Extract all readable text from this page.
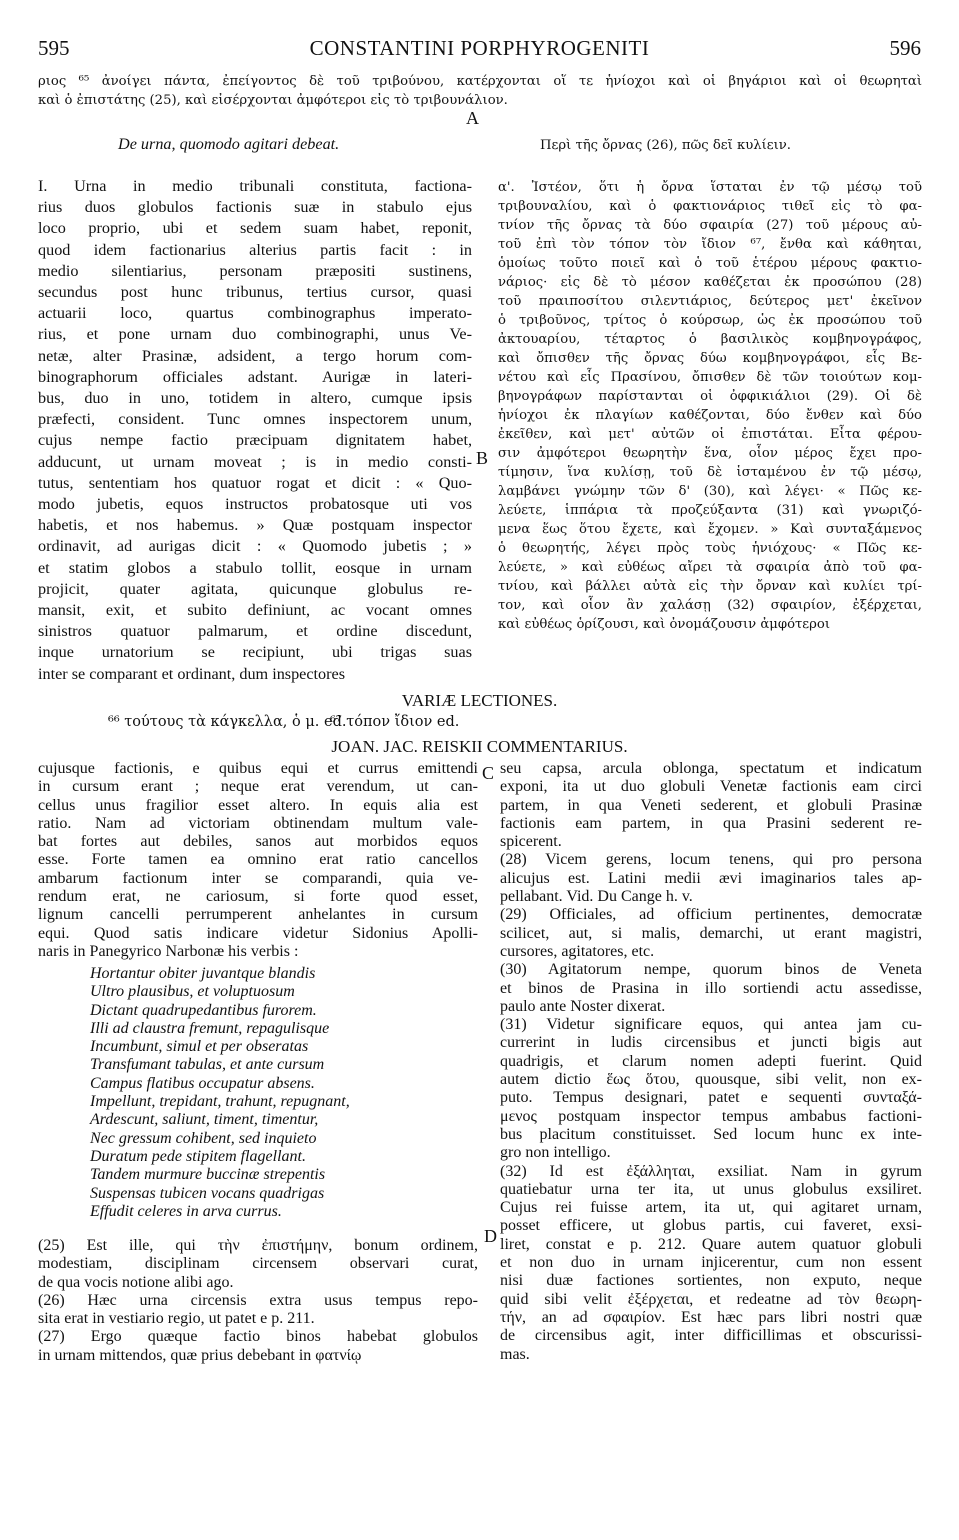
595	CONSTANTINI PORPHYROGENITI	596
ριος ⁶⁵ ἀνοίγει πάντα, ἐπείγοντος δὲ τοῦ τριβούνου, κατέρχονται οἵ τε ἡνίοχοι καὶ οἱ βηγάριοι καὶ οἱ θεωρηταὶ
καὶ ὁ ἐπιστάτης (25), καὶ εἰσέρχονται ἀμφότεροι εἰς τὸ τριβουνάλιον.
A
De urna, quomodo agitari debeat.	Περὶ τῆς ὄρνας (26), πῶς δεῖ κυλίειν.
I. Urna in medio tribunali constituta, factiona-
rius duos globulos factionis suæ in stabulo ejus
loco proprio, ubi et sedem suam habet, reponit,
quod idem factionarius alterius partis facit : in
medio silentiarius, personam præpositi sustinens,
secundus post hunc tribunus, tertius cursor, quasi
actuarii loco, quartus combinographus imperato-
rius, et pone urnam duo combinographi, unus Ve-
netæ, alter Prasinæ, adsident, a tergo horum com-
binographorum officiales adstant. Aurigæ in lateri-
bus, duo in uno, totidem in altero, cumque ipsis
præfecti, consident. Tunc omnes inspectorem unum,
cujus nempe factio præcipuam dignitatem habet,
adducunt, ut urnam moveat ; is in medio consti-
tutus, sententiam hos quatuor rogat et dicit : « Quo-
modo jubetis, equos instructos probatosque uti vos
habetis, et nos habemus. » Quæ postquam inspector
ordinavit, ad aurigas dicit : « Quomodo jubetis ; »
et statim globos a stabulo tollit, eosque in urnam
projicit, quater agitata, quicunque globulus re-
mansit, exit, et subito definiunt, ac vocant omnes
sinistros quatuor palmarum, et ordine discedunt,
inque urnatorium se recipiunt, ubi trigas suas
inter se comparant et ordinant, dum inspectores
α'. Ἰστέον, ὅτι ἡ ὄρνα ἵσταται ἐν τῷ μέσῳ τοῦ
τριβουναλίου, καὶ ὁ φακτιονάριος τιθεῖ εἰς τὸ φα-
τνίον τῆς ὄρνας τὰ δύο σφαιρία (27) τοῦ μέρους αὐ-
τοῦ ἐπὶ τὸν τόπον τὸν ἴδιον ⁶⁷, ἔνθα καὶ κάθηται,
ὁμοίως τοῦτο ποιεῖ καὶ ὁ τοῦ ἑτέρου μέρους φακτιο-
νάριος· εἰς δὲ τὸ μέσον καθέζεται ἐκ προσώπου (28)
τοῦ πραιποσίτου σιλεντιάριος, δεύτερος μετ' ἐκεῖνον
ὁ τριβοῦνος, τρίτος ὁ κούρσωρ, ὡς ἐκ προσώπου τοῦ
ἀκτουαρίου, τέταρτος ὁ βασιλικὸς κομβηνογράφος,
καὶ ὄπισθεν τῆς ὄρνας δύω κομβηνογράφοι, εἷς Βε-
νέτου καὶ εἷς Πρασίνου, ὄπισθεν δὲ τῶν τοιούτων κομ-
βηνογράφων παρίστανται οἱ ὀφφικιάλιοι (29). Οἱ δὲ
ἡνίοχοι ἐκ πλαγίων καθέζονται, δύο ἔνθεν καὶ δύο
ἐκεῖθεν, καὶ μετ' αὐτῶν οἱ ἐπιστάται. Εἶτα φέρου-
σιν ἀμφότεροι θεωρητὴν ἕνα, οἷον μέρος ἔχει προ-
τίμησιν, ἵνα κυλίσῃ, τοῦ δὲ ἱσταμένου ἐν τῷ μέσῳ,
λαμβάνει γνώμην τῶν δ' (30), καὶ λέγει· « Πῶς κε-
λεύετε, ἱππάρια τὰ προζεύξαντα (31) καὶ γνωριζό-
μενα ἕως ὅτου ἔχετε, καὶ ἔχομεν. » Καὶ συνταξάμενος
ὁ θεωρητής, λέγει πρὸς τοὺς ἡνιόχους· « Πῶς κε-
λεύετε, » καὶ εὐθέως αἴρει τὰ σφαιρία ἀπὸ τοῦ φα-
τνίου, καὶ βάλλει αὐτὰ εἰς τὴν ὄρναν καὶ κυλίει τρί-
τον, καὶ οἷον ἂν χαλάσῃ (32) σφαιρίον, ἐξέρχεται,
καὶ εὐθέως ὁρίζουσι, καὶ ὀνομάζουσιν ἀμφότεροι
B
VARIÆ LECTIONES.
⁶⁶ τούτους τὰ κάγκελλα, ὁ μ. ed.
⁶⁷ τόπον ἴδιον ed.
JOAN. JAC. REISKII COMMENTARIUS.
cujusque factionis, e quibus equi et currus emittendi
in cursum erant ; neque erat verendum, ut can-
cellus unus fragilior esset altero. In equis alia est
ratio. Nam ad victoriam obtinendam multum vale-
bat fortes aut debiles, sanos aut morbidos equos
esse. Forte tamen ea omnino erat ratio cancellos
ambarum factionum inter se comparandi, quia ve-
rendum erat, ne cariosum, si forte quod esset,
lignum cancelli perrumperent anhelantes in cursum
equi. Quod satis indicare videtur Sidonius Apolli-
naris in Panegyrico Narbonæ his verbis :
Hortantur obiter juvantque blandis
Ultro plausibus, et voluptuosum
Dictant quadrupedantibus furorem.
Illi ad claustra fremunt, repagulisque
Incumbunt, simul et per obseratas
Transfumant tabulas, et ante cursum
Campus flatibus occupatur absens.
Impellunt, trepidant, trahunt, repugnant,
Ardescunt, saliunt, timent, timentur,
Nec gressum cohibent, sed inquieto
Duratum pede stipitem flagellant.
Tandem murmure buccinæ strepentis
Suspensas tubicen vocans quadrigas
Effudit celeres in arva currus.
(25) Est ille, qui τὴν ἐπιστήμην, bonum ordinem,
modestiam, disciplinam circensem observari curat,
de qua vocis notione alibi ago.
(26) Hæc urna circensis extra usus tempus repo-
sita erat in vestiario regio, ut patet e p. 211.
(27) Ergo quæque factio binos habebat globulos
in urnam mittendos, quæ prius debebant in φατνίῳ
C
D
seu capsa, arcula oblonga, spectatum et indicatum
exponi, ita ut duo globuli Venetæ factionis eam circi
partem, in qua Veneti sederent, et globuli Prasinæ
factionis eam partem, in qua Prasini sederent re-
spicerent.
(28) Vicem gerens, locum tenens, qui pro persona
alicujus est. Latini medii ævi imaginarios tales ap-
pellabant. Vid. Du Cange h. v.
(29) Officiales, ad officium pertinentes, democratæ
scilicet, aut, si malis, demarchi, ut erant magistri,
cursores, agitatores, etc.
(30) Agitatorum nempe, quorum binos de Veneta
et binos de Prasina in illo sortiendi actu assedisse,
paulo ante Noster dixerat.
(31) Videtur significare equos, qui antea jam cu-
currerint in ludis circensibus et juncti bigis aut
quadrigis, et clarum nomen adepti fuerint. Quid
autem dictio ἕως ὅτου, quousque, sibi velit, non ex-
puto. Tempus designari, patet e sequenti συνταξά-
μενος postquam inspector tempus ambabus factioni-
bus placitum constituisset. Sed locum hunc ex inte-
gro non intelligo.
(32) Id est ἐξάλληται, exsiliat. Nam in gyrum
quatiebatur urna ter ita, ut unus globulus exsiliret.
Cujus rei fuisse artem, ita ut, qui agitaret urnam,
posset efficere, ut globus partis, cui faveret, exsi-
liret, constat e p. 212. Quare autem quatuor globuli
et non duo in urnam injicerentur, cum non essent
nisi duæ factiones sortientes, non exputo, neque
quid sibi velit ἐξέρχεται, et redeatne ad τὸν θεωρη-
τήν, an ad σφαιρίον. Est hæc pars libri nostri quæ
de circensibus agit, inter difficillimas et obscurissi-
mas.
